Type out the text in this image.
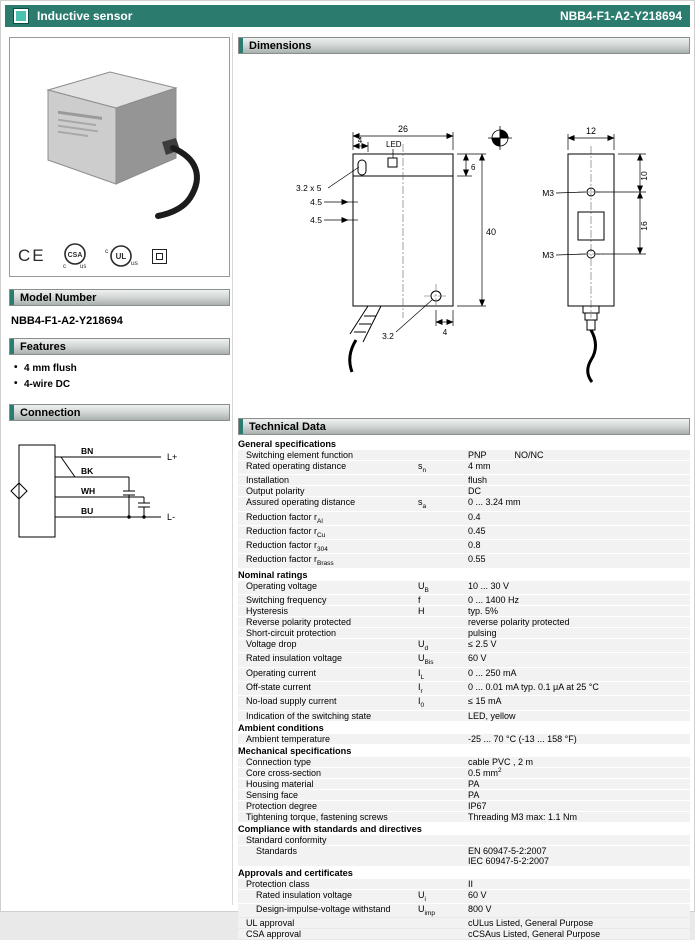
Inductive sensor	NBB4-F1-A2-Y218694
CE	CSA
c us
UL
c
us
Model Number
NBB4-F1-A2-Y218694
Features
• 4 mm flush
• 4-wire DC
Connection
BN
BK
WH
BU
L+
L-
Dimensions
26
4	LED
3.2 x 5
4.5
4.5
6
40
3.2	4
12
10
16
M3
M3
Technical Data
General specifications
Switching element function
	PNP	NO/NC
Rated operating distance	$s_n$	4 mm
Installation
	flush
Output polarity
	DC
Assured operating distance	$s_a$	0 ... 3.24 mm
Reduction factor $r_{Al}$
	0.4
Reduction factor $r_{Cu}$
	0.45
Reduction factor $r_{304}$
	0.8
Reduction factor $r_{Brass}$
	0.55
Nominal ratings
Operating voltage	$U_B$	10 ... 30 V
Switching frequency	f	0 ... 1400 Hz
Hysteresis	H	typ. 5%
Reverse polarity protected
	reverse polarity protected
Short-circuit protection
	pulsing
Voltage drop	$U_d$	≤ 2.5 V
Rated insulation voltage	$U_{Bis}$	60 V
Operating current	$I_L$	0 ... 250 mA
Off-state current	$I_r$	0 ... 0.01 mA typ. 0.1 μA at 25 °C
No-load supply current	$I_0$	≤ 15 mA
Indication of the switching state
	LED, yellow
Ambient conditions
Ambient temperature
	-25 ... 70 °C (-13 ... 158 °F)
Mechanical specifications
Connection type
	cable PVC , 2 m
Core cross-section
	0.5 $mm^2$
Housing material
	PA
Sensing face
	PA
Protection degree
	IP67
Tightening torque, fastening screws
	Threading M3 max: 1.1 Nm
Compliance with standards and directives
Standard conformity

Standards
	EN 60947-5-2:2007
IEC 60947-5-2:2007
Approvals and certificates
Protection class
	II
Rated insulation voltage	$U_i$	60 V
Design-impulse-voltage withstand	$U_{imp}$	800 V
UL approval
	cULus Listed, General Purpose
CSA approval
	cCSAus Listed, General Purpose
